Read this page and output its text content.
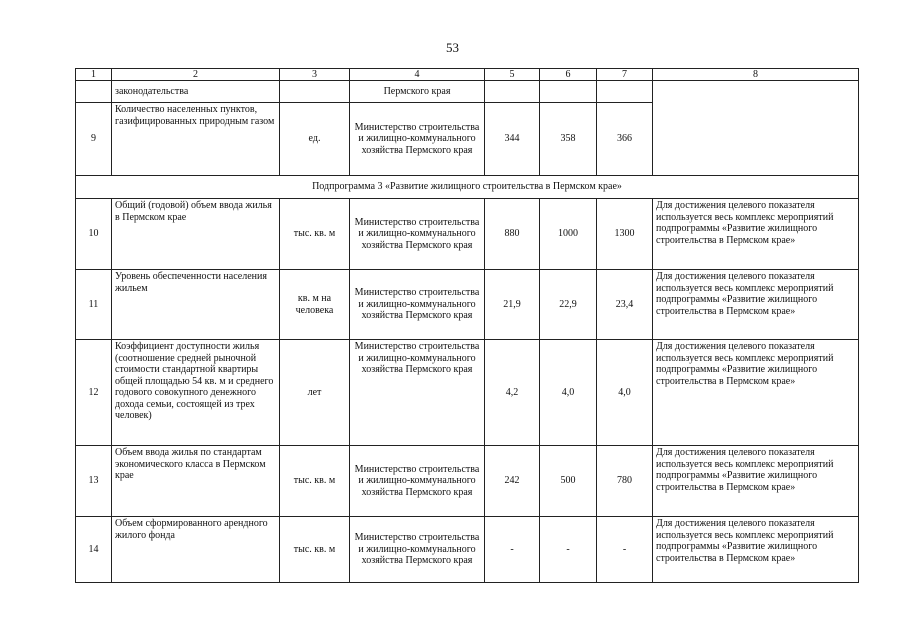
53
1	2	3	4	5	6	7	8
	законодательства		Пермского края				
9	Количество населенных пунктов, газифицированных природным газом	ед.	Министерство строительства и жилищно-коммунального хозяйства Пермского края	344	358	366	
Подпрограмма 3 «Развитие жилищного строительства в Пермском крае»							
10	Общий (годовой) объем ввода жилья в Пермском крае	тыс. кв. м	Министерство строительства и жилищно-коммунального хозяйства Пермского края	880	1000	1300	Для достижения целевого показателя используется весь комплекс мероприятий подпрограммы «Развитие жилищного строительства в Пермском крае»
11	Уровень обеспеченности населения жильем	кв. м на человека	Министерство строительства и жилищно-коммунального хозяйства Пермского края	21,9	22,9	23,4	Для достижения целевого показателя используется весь комплекс мероприятий подпрограммы «Развитие жилищного строительства в Пермском крае»
12	Коэффициент доступности жилья (соотношение средней рыночной стоимости стандартной квартиры общей площадью 54 кв. м и среднего годового совокупного денежного дохода семьи, состоящей из трех человек)	лет	Министерство строительства и жилищно-коммунального хозяйства Пермского края	4,2	4,0	4,0	Для достижения целевого показателя используется весь комплекс мероприятий подпрограммы «Развитие жилищного строительства в Пермском крае»
13	Объем ввода жилья по стандартам экономического класса в Пермском крае	тыс. кв. м	Министерство строительства и жилищно-коммунального хозяйства Пермского края	242	500	780	Для достижения целевого показателя используется весь комплекс мероприятий подпрограммы «Развитие жилищного строительства в Пермском крае»
14	Объем сформированного арендного жилого фонда	тыс. кв. м	Министерство строительства и жилищно-коммунального хозяйства Пермского края	-	-	-	Для достижения целевого показателя используется весь комплекс мероприятий подпрограммы «Развитие жилищного строительства в Пермском крае»
